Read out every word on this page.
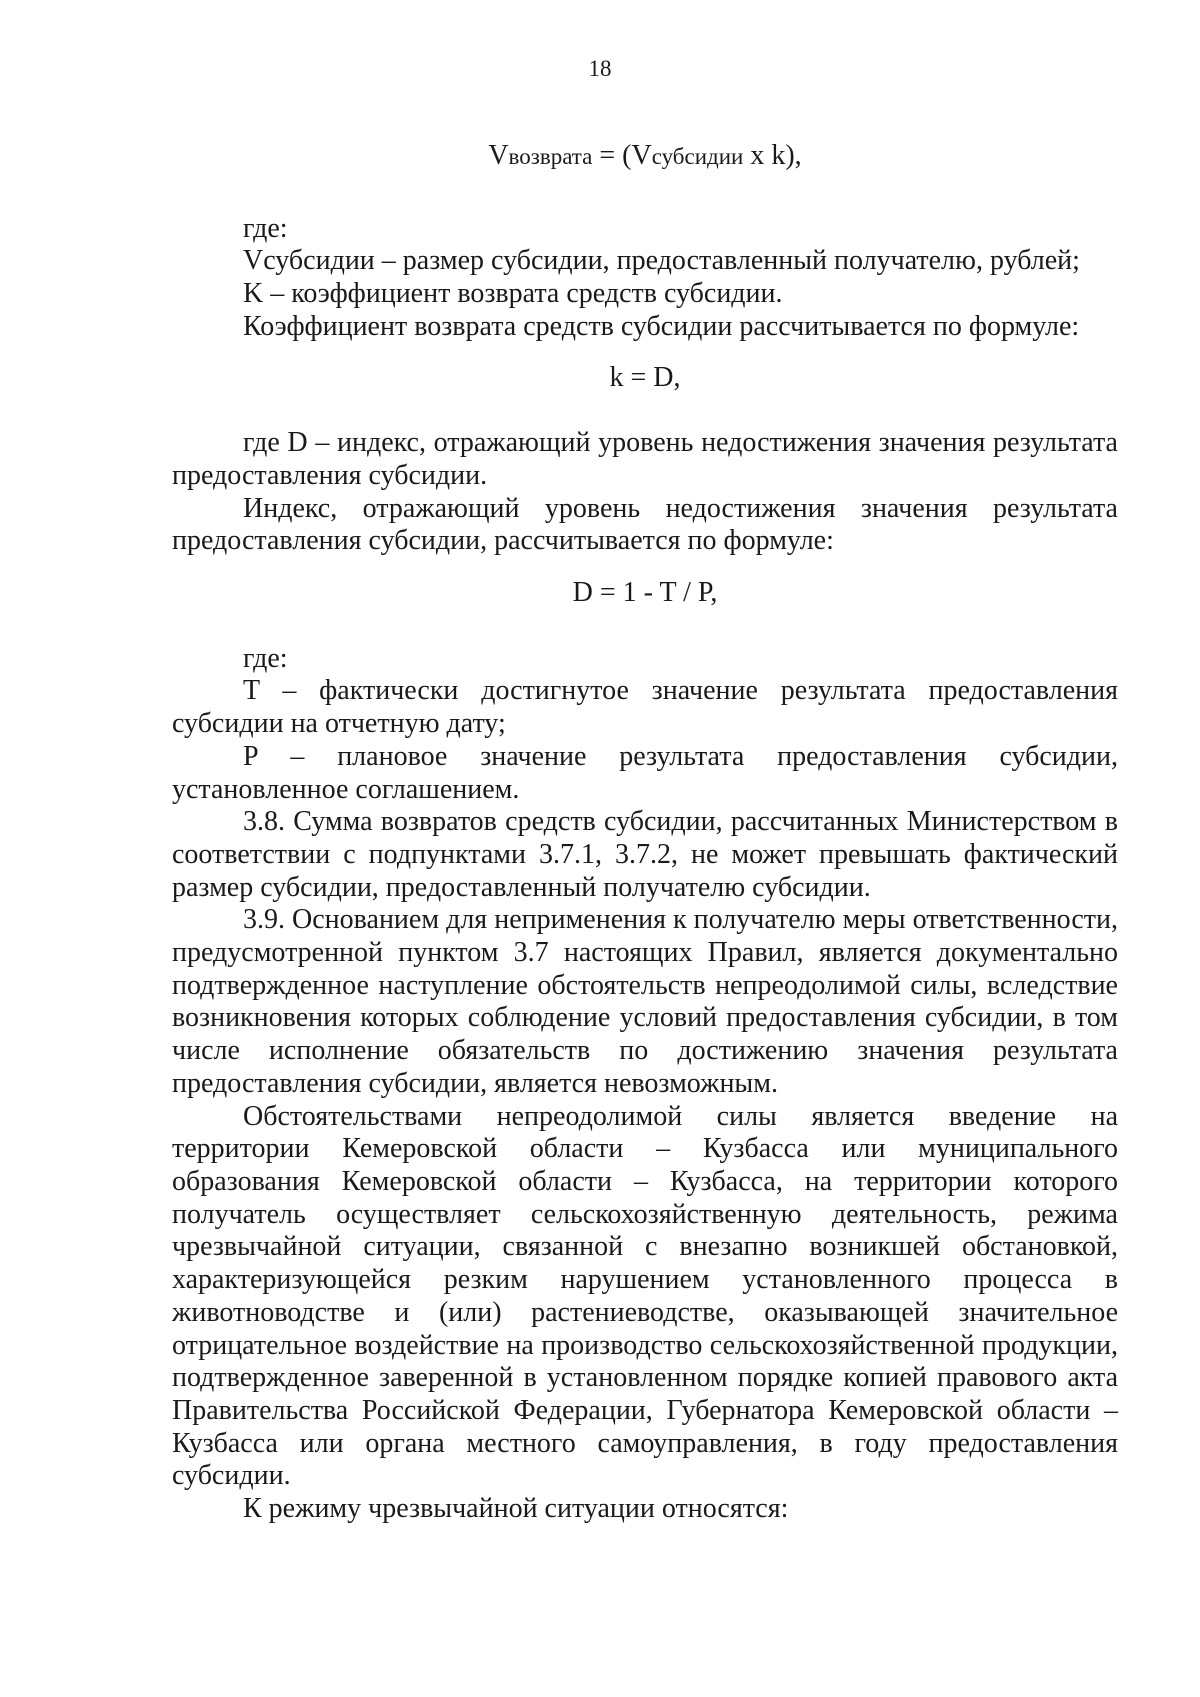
18
Vвозврата = (Vсубсидии x k),

где:

Vсубсидии – размер субсидии, предоставленный получателю, рублей;

K – коэффициент возврата средств субсидии.

Коэффициент возврата средств субсидии рассчитывается по формуле:

k = D,

где D – индекс, отражающий уровень недостижения значения результата предоставления субсидии.

Индекс, отражающий уровень недостижения значения результата предоставления субсидии, рассчитывается по формуле:

D = 1 - T / P,

где:

T – фактически достигнутое значение результата предоставления субсидии на отчетную дату;

P – плановое значение результата предоставления субсидии, установленное соглашением.

3.8. Сумма возвратов средств субсидии, рассчитанных Министерством в соответствии с подпунктами 3.7.1, 3.7.2, не может превышать фактический размер субсидии, предоставленный получателю субсидии.

3.9. Основанием для неприменения к получателю меры ответственности, предусмотренной пунктом 3.7 настоящих Правил, является документально подтвержденное наступление обстоятельств непреодолимой силы, вследствие возникновения которых соблюдение условий предоставления субсидии, в том числе исполнение обязательств по достижению значения результата предоставления субсидии, является невозможным.

Обстоятельствами непреодолимой силы является введение на территории Кемеровской области – Кузбасса или муниципального образования Кемеровской области – Кузбасса, на территории которого получатель осуществляет сельскохозяйственную деятельность, режима чрезвычайной ситуации, связанной с внезапно возникшей обстановкой, характеризующейся резким нарушением установленного процесса в животноводстве и (или) растениеводстве, оказывающей значительное отрицательное воздействие на производство сельскохозяйственной продукции, подтвержденное заверенной в установленном порядке копией правового акта Правительства Российской Федерации, Губернатора Кемеровской области – Кузбасса или органа местного самоуправления, в году предоставления субсидии.

К режиму чрезвычайной ситуации относятся:
